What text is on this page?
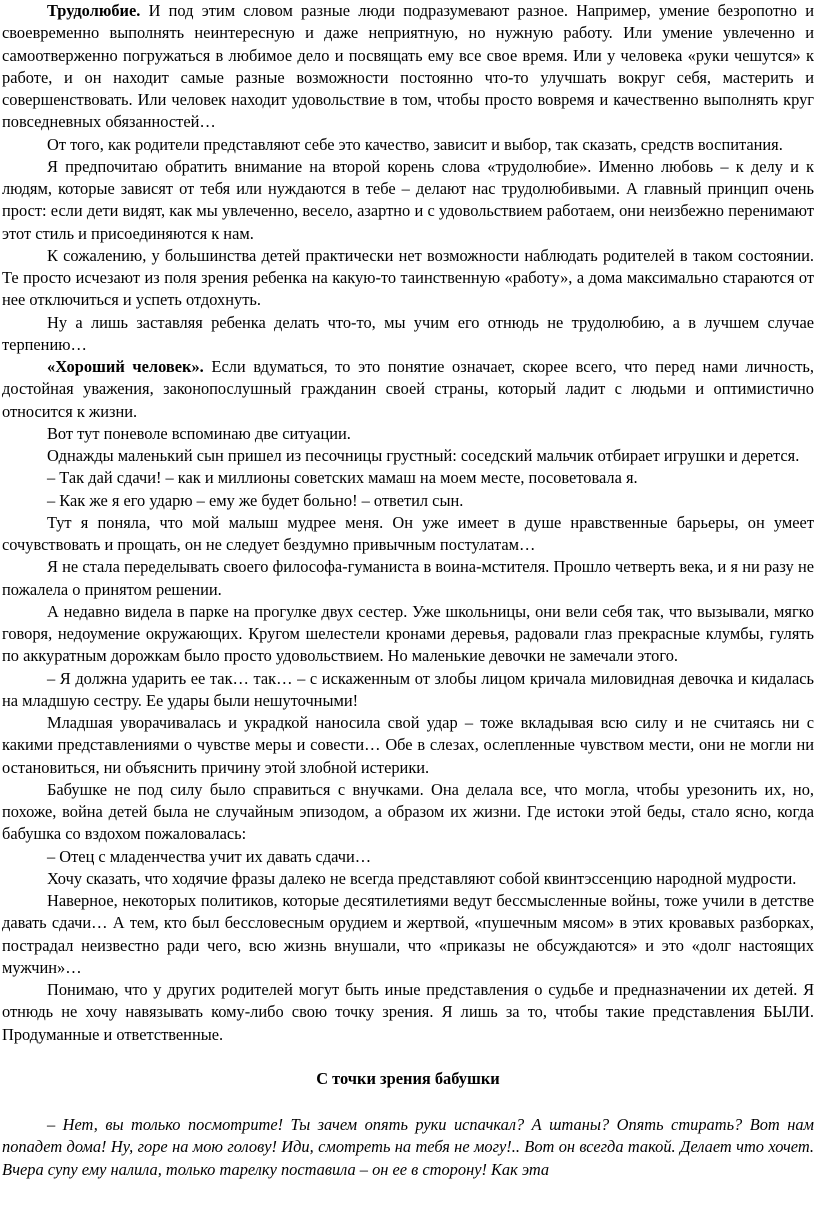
Трудолюбие. И под этим словом разные люди подразумевают разное. Например, умение безропотно и своевременно выполнять неинтересную и даже неприятную, но нужную работу. Или умение увлеченно и самоотверженно погружаться в любимое дело и посвящать ему все свое время. Или у человека «руки чешутся» к работе, и он находит самые разные возможности постоянно что-то улучшать вокруг себя, мастерить и совершенствовать. Или человек находит удовольствие в том, чтобы просто вовремя и качественно выполнять круг повседневных обязанностей…

От того, как родители представляют себе это качество, зависит и выбор, так сказать, средств воспитания.

Я предпочитаю обратить внимание на второй корень слова «трудолюбие». Именно любовь – к делу и к людям, которые зависят от тебя или нуждаются в тебе – делают нас трудолюбивыми. А главный принцип очень прост: если дети видят, как мы увлеченно, весело, азартно и с удовольствием работаем, они неизбежно перенимают этот стиль и присоединяются к нам.

К сожалению, у большинства детей практически нет возможности наблюдать родителей в таком состоянии. Те просто исчезают из поля зрения ребенка на какую-то таинственную «работу», а дома максимально стараются от нее отключиться и успеть отдохнуть.

Ну а лишь заставляя ребенка делать что-то, мы учим его отнюдь не трудолюбию, а в лучшем случае терпению…

«Хороший человек». Если вдуматься, то это понятие означает, скорее всего, что перед нами личность, достойная уважения, законопослушный гражданин своей страны, который ладит с людьми и оптимистично относится к жизни.

Вот тут поневоле вспоминаю две ситуации.

Однажды маленький сын пришел из песочницы грустный: соседский мальчик отбирает игрушки и дерется.

– Так дай сдачи! – как и миллионы советских мамаш на моем месте, посоветовала я.

– Как же я его ударю – ему же будет больно! – ответил сын.

Тут я поняла, что мой малыш мудрее меня. Он уже имеет в душе нравственные барьеры, он умеет сочувствовать и прощать, он не следует бездумно привычным постулатам…

Я не стала переделывать своего философа-гуманиста в воина-мстителя. Прошло четверть века, и я ни разу не пожалела о принятом решении.

А недавно видела в парке на прогулке двух сестер. Уже школьницы, они вели себя так, что вызывали, мягко говоря, недоумение окружающих. Кругом шелестели кронами деревья, радовали глаз прекрасные клумбы, гулять по аккуратным дорожкам было просто удовольствием. Но маленькие девочки не замечали этого.

– Я должна ударить ее так… так… – с искаженным от злобы лицом кричала миловидная девочка и кидалась на младшую сестру. Ее удары были нешуточными!

Младшая уворачивалась и украдкой наносила свой удар – тоже вкладывая всю силу и не считаясь ни с какими представлениями о чувстве меры и совести… Обе в слезах, ослепленные чувством мести, они не могли ни остановиться, ни объяснить причину этой злобной истерики.

Бабушке не под силу было справиться с внучками. Она делала все, что могла, чтобы урезонить их, но, похоже, война детей была не случайным эпизодом, а образом их жизни. Где истоки этой беды, стало ясно, когда бабушка со вздохом пожаловалась:

– Отец с младенчества учит их давать сдачи…

Хочу сказать, что ходячие фразы далеко не всегда представляют собой квинтэссенцию народной мудрости.

Наверное, некоторых политиков, которые десятилетиями ведут бессмысленные войны, тоже учили в детстве давать сдачи… А тем, кто был бессловесным орудием и жертвой, «пушечным мясом» в этих кровавых разборках, пострадал неизвестно ради чего, всю жизнь внушали, что «приказы не обсуждаются» и это «долг настоящих мужчин»…

Понимаю, что у других родителей могут быть иные представления о судьбе и предназначении их детей. Я отнюдь не хочу навязывать кому-либо свою точку зрения. Я лишь за то, чтобы такие представления БЫЛИ. Продуманные и ответственные.

С точки зрения бабушки

– Нет, вы только посмотрите! Ты зачем опять руки испачкал? А штаны? Опять стирать? Вот нам попадет дома! Ну, горе на мою голову! Иди, смотреть на тебя не могу!.. Вот он всегда такой. Делает что хочет. Вчера супу ему налила, только тарелку поставила – он ее в сторону! Как эта
